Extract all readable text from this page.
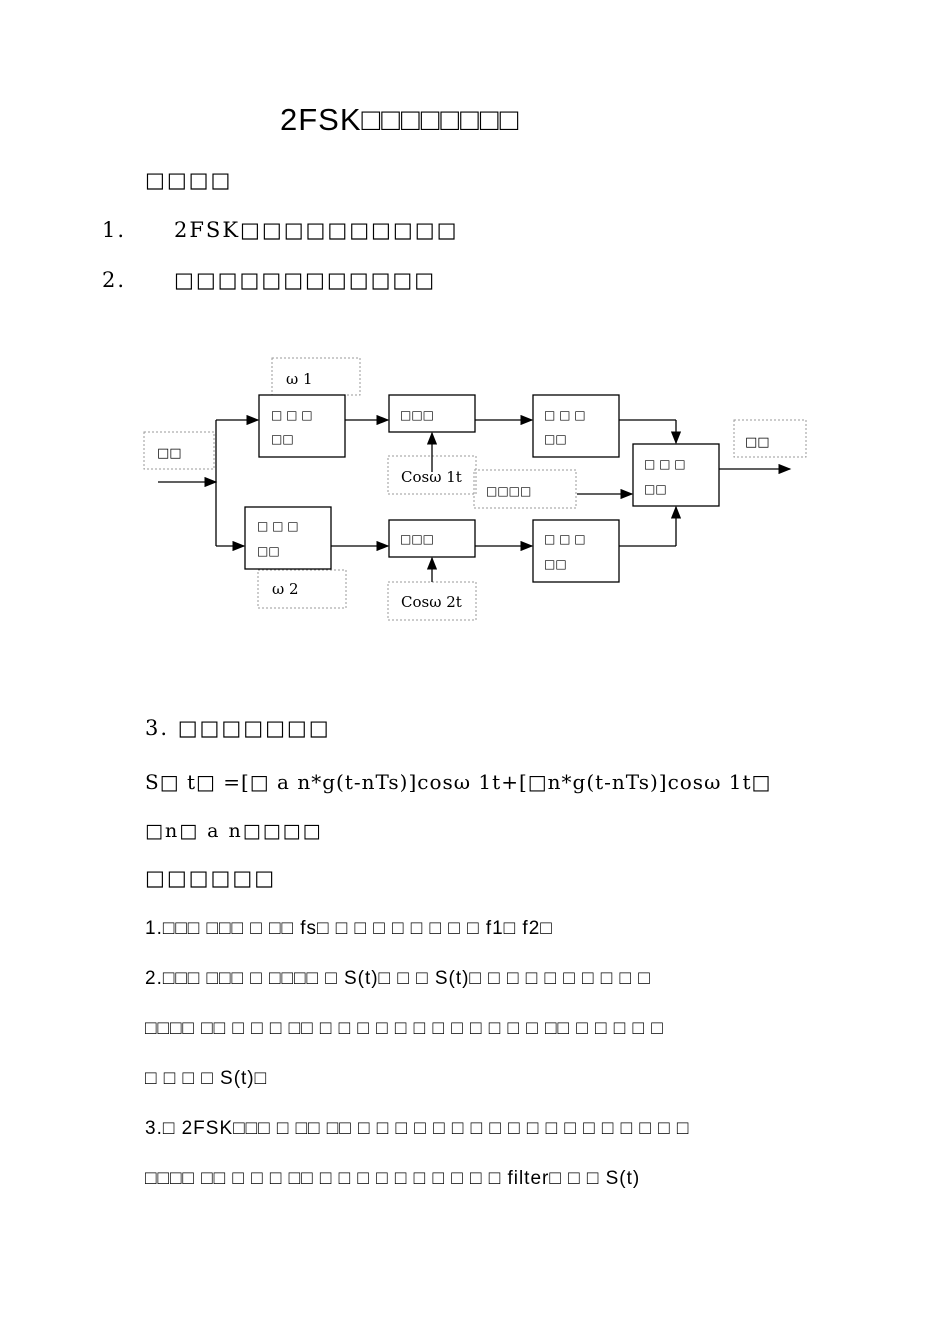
2FSK□□□□□□□□
□□□□
1. 2FSK□□□□□□□□□□
2. □□□□□□□□□□□□
ω 1
□□
□□
□ □ □
□□
□□□	□ □ □
□□
Cosω 1t
□□□□
□ □ □
□□
□ □ □
□□
□□□	□ □ □
□□
ω 2
Cosω 2t
3. □□□□□□□
S□ t□ =[□ a n*g(t-nTs)]cosω 1t+[□n*g(t-nTs)]cosω 1t□
□n□ a n□□□□
□□□□□□
1.□□□ □□□ □ □□ fs□ □ □ □ □ □ □ □ □ f1□ f2□
2.□□□ □□□ □ □□□□ □ S(t)□ □ □ S(t)□ □ □ □ □ □ □ □ □ □
□□□□ □□ □ □ □ □□ □ □ □ □ □ □ □ □ □ □ □ □ □□ □ □ □ □ □
□ □ □ □ S(t)□
3.□ 2FSK□□□ □ □□ □□ □ □ □ □ □ □ □ □ □ □ □ □ □ □ □ □ □ □
□□□□ □□ □ □ □ □□ □ □ □ □ □ □ □ □ □ □ filter□ □ □ S(t)
